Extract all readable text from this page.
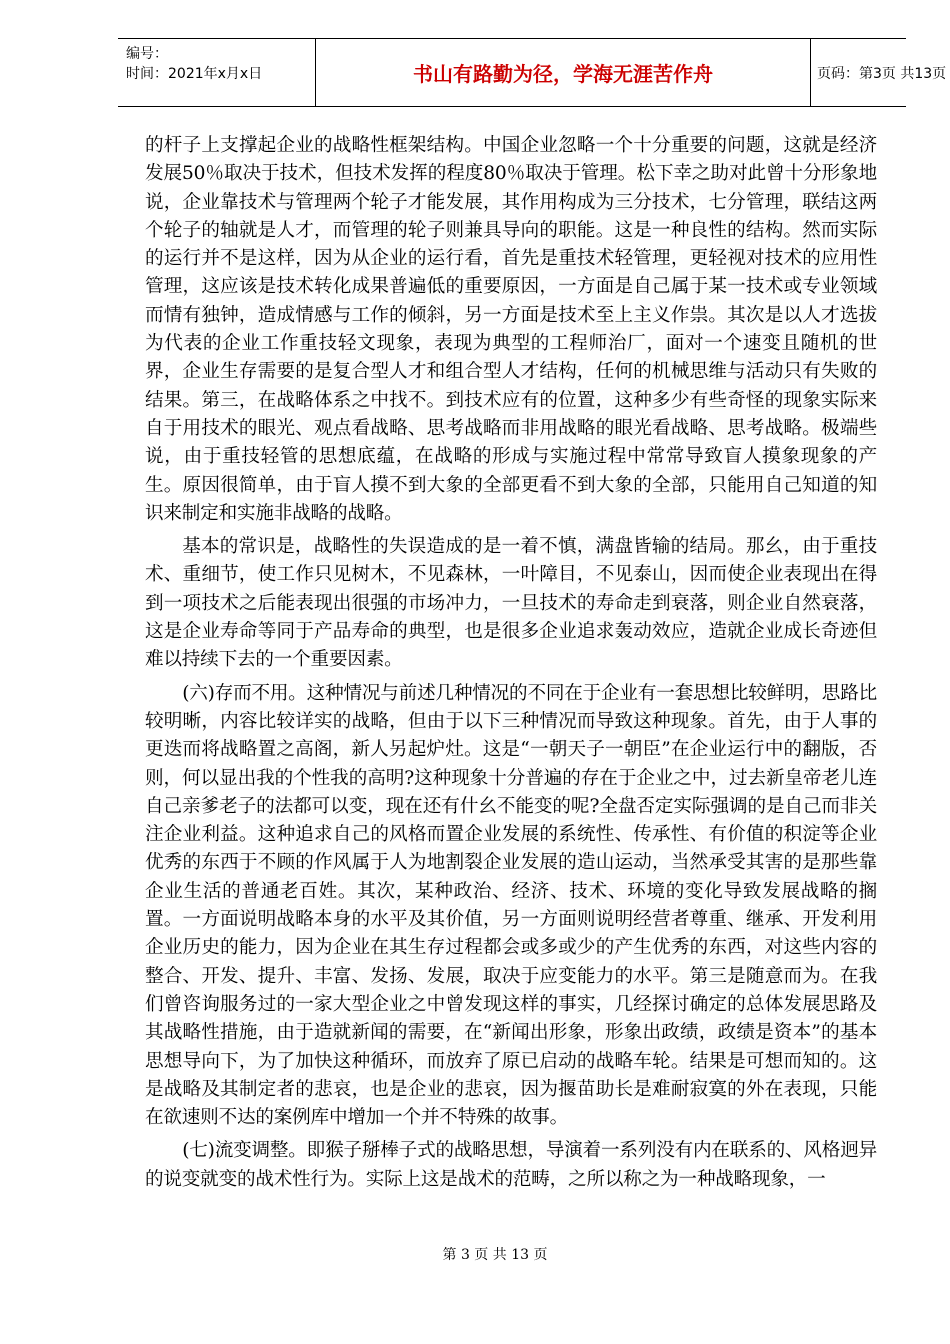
编号：
时间：2021年x月x日	书山有路勤为径，学海无涯苦作舟	页码：第3页 共13页

的杆子上支撑起企业的战略性框架结构。中国企业忽略一个十分重要的问题，这就是经济发展50％取决于技术，但技术发挥的程度80％取决于管理。松下幸之助对此曾十分形象地说，企业靠技术与管理两个轮子才能发展，其作用构成为三分技术，七分管理，联结这两个轮子的轴就是人才，而管理的轮子则兼具导向的职能。这是一种良性的结构。然而实际的运行并不是这样，因为从企业的运行看，首先是重技术轻管理，更轻视对技术的应用性管理，这应该是技术转化成果普遍低的重要原因，一方面是自己属于某一技术或专业领域而情有独钟，造成情感与工作的倾斜，另一方面是技术至上主义作祟。其次是以人才选拔为代表的企业工作重技轻文现象，表现为典型的工程师治厂，面对一个速变且随机的世界，企业生存需要的是复合型人才和组合型人才结构，任何的机械思维与活动只有失败的结果。第三，在战略体系之中找不。到技术应有的位置，这种多少有些奇怪的现象实际来自于用技术的眼光、观点看战略、思考战略而非用战略的眼光看战略、思考战略。极端些说，由于重技轻管的思想底蕴，在战略的形成与实施过程中常常导致盲人摸象现象的产生。原因很简单，由于盲人摸不到大象的全部更看不到大象的全部，只能用自己知道的知识来制定和实施非战略的战略。

基本的常识是，战略性的失误造成的是一着不慎，满盘皆输的结局。那幺，由于重技术、重细节，使工作只见树木，不见森林，一叶障目，不见泰山，因而使企业表现出在得到一项技术之后能表现出很强的市场冲力，一旦技术的寿命走到衰落，则企业自然衰落，这是企业寿命等同于产品寿命的典型，也是很多企业追求轰动效应，造就企业成长奇迹但难以持续下去的一个重要因素。

(六)存而不用。这种情况与前述几种情况的不同在于企业有一套思想比较鲜明，思路比较明晰，内容比较详实的战略，但由于以下三种情况而导致这种现象。首先，由于人事的更迭而将战略置之高阁，新人另起炉灶。这是“一朝天子一朝臣”在企业运行中的翻版，否则，何以显出我的个性我的高明?这种现象十分普遍的存在于企业之中，过去新皇帝老儿连自己亲爹老子的法都可以变，现在还有什幺不能变的呢?全盘否定实际强调的是自己而非关注企业利益。这种追求自己的风格而置企业发展的系统性、传承性、有价值的积淀等企业优秀的东西于不顾的作风属于人为地割裂企业发展的造山运动，当然承受其害的是那些靠企业生活的普通老百姓。其次，某种政治、经济、技术、环境的变化导致发展战略的搁置。一方面说明战略本身的水平及其价值，另一方面则说明经营者尊重、继承、开发利用企业历史的能力，因为企业在其生存过程都会或多或少的产生优秀的东西，对这些内容的整合、开发、提升、丰富、发扬、发展，取决于应变能力的水平。第三是随意而为。在我们曾咨询服务过的一家大型企业之中曾发现这样的事实，几经探讨确定的总体发展思路及其战略性措施，由于造就新闻的需要，在“新闻出形象，形象出政绩，政绩是资本”的基本思想导向下，为了加快这种循环，而放弃了原已启动的战略车轮。结果是可想而知的。这是战略及其制定者的悲哀，也是企业的悲哀，因为揠苗助长是难耐寂寞的外在表现，只能在欲速则不达的案例库中增加一个并不特殊的故事。

(七)流变调整。即猴子掰棒子式的战略思想，导演着一系列没有内在联系的、风格迥异的说变就变的战术性行为。实际上这是战术的范畴，之所以称之为一种战略现象，一

第 3 页 共 13 页
